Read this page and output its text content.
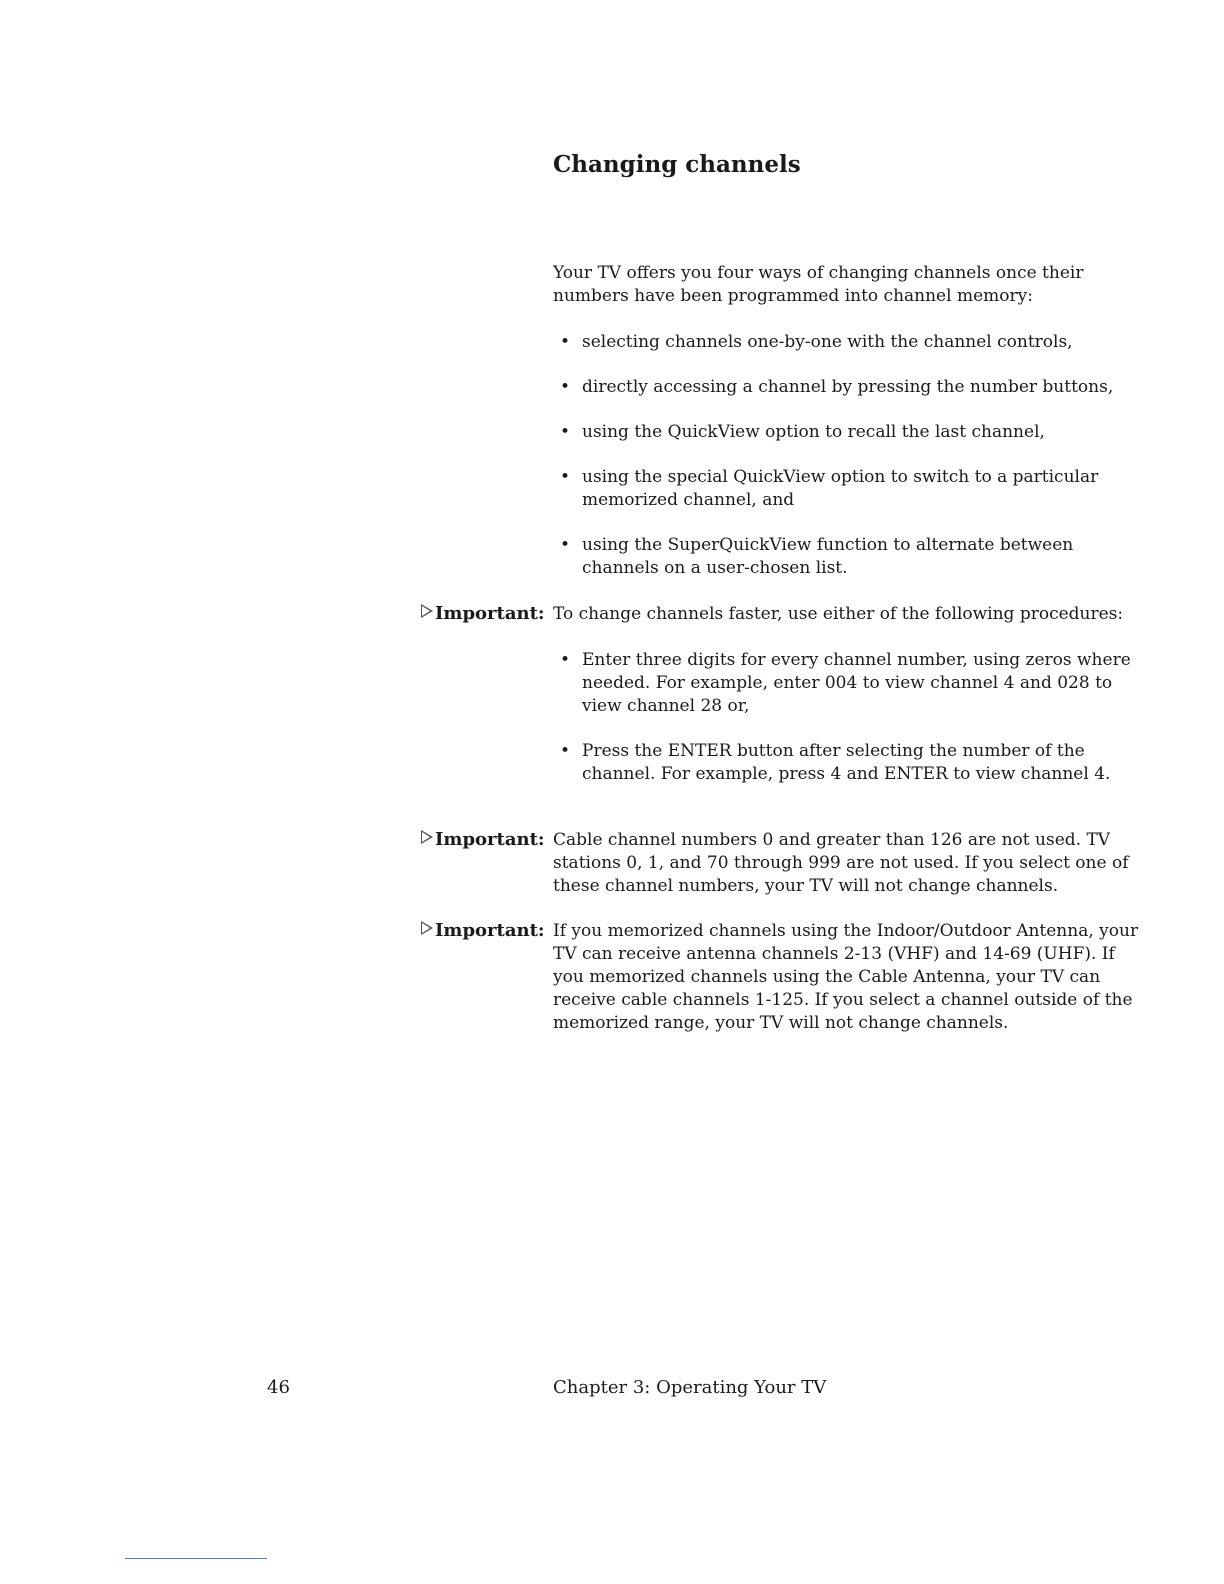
Changing channels

Your TV offers you four ways of changing channels once their numbers have been programmed into channel memory:

• selecting channels one-by-one with the channel controls,
• directly accessing a channel by pressing the number buttons,
• using the QuickView option to recall the last channel,
• using the special QuickView option to switch to a particular memorized channel, and
• using the SuperQuickView function to alternate between channels on a user-chosen list.
Important: To change channels faster, use either of the following procedures:

• Enter three digits for every channel number, using zeros where needed. For example, enter 004 to view channel 4 and 028 to view channel 28 or,
• Press the ENTER button after selecting the number of the channel. For example, press 4 and ENTER to view channel 4.
Important: Cable channel numbers 0 and greater than 126 are not used. TV stations 0, 1, and 70 through 999 are not used. If you select one of these channel numbers, your TV will not change channels.

Important: If you memorized channels using the Indoor/Outdoor Antenna, your TV can receive antenna channels 2-13 (VHF) and 14-69 (UHF). If you memorized channels using the Cable Antenna, your TV can receive cable channels 1-125. If you select a channel outside of the memorized range, your TV will not change channels.

46	Chapter 3: Operating Your TV
